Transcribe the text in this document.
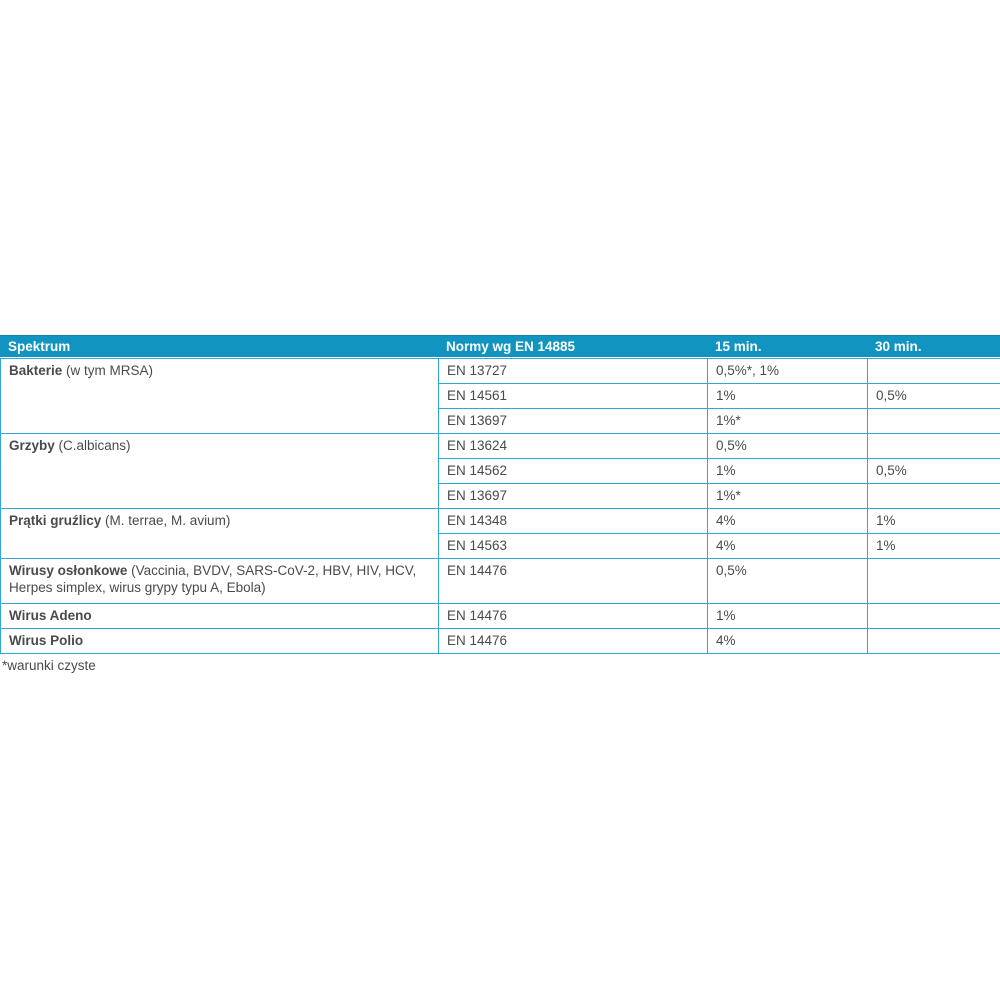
Spektrum	Normy wg EN 14885	15 min.	30 min.
Bakterie (w tym MRSA)	EN 13727	0,5%*, 1%	
	EN 14561	1%	0,5%
	EN 13697	1%*	
Grzyby (C.albicans)	EN 13624	0,5%	
	EN 14562	1%	0,5%
	EN 13697	1%*	
Prątki gruźlicy (M. terrae, M. avium)	EN 14348	4%	1%
	EN 14563	4%	1%
Wirusy osłonkowe (Vaccinia, BVDV, SARS-CoV-2, HBV, HIV, HCV, Herpes simplex, wirus grypy typu A, Ebola)	EN 14476	0,5%	
Wirus Adeno	EN 14476	1%	
Wirus Polio	EN 14476	4%	
*warunki czyste
